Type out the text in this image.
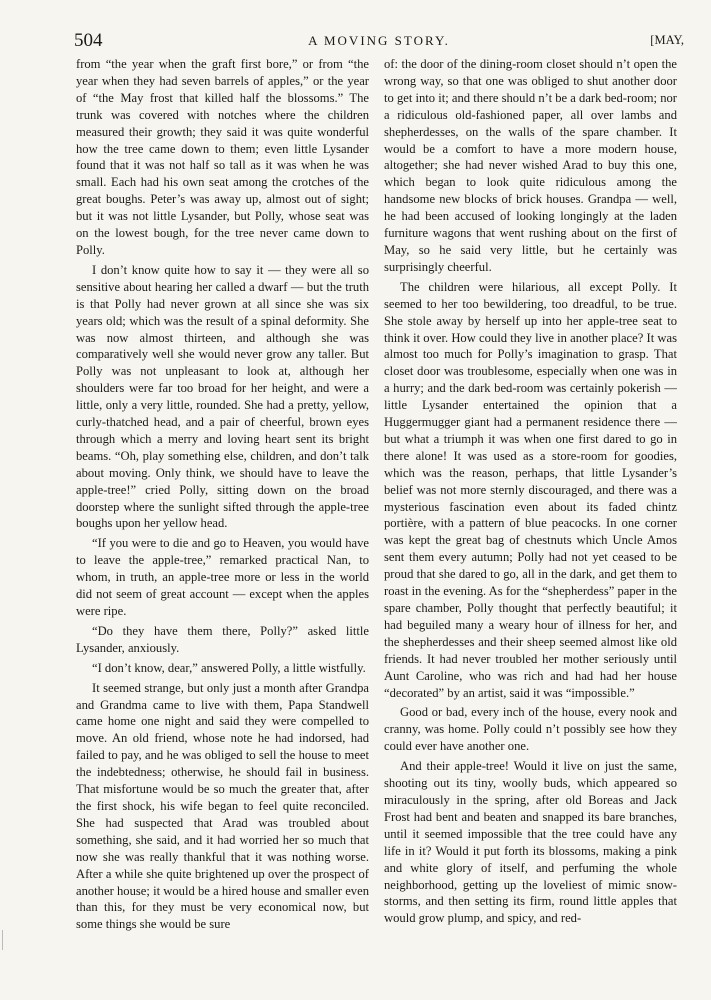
504	A MOVING STORY.	[MAY,

from “the year when the graft first bore,” or from “the year when they had seven barrels of apples,” or the year of “the May frost that killed half the blossoms.” The trunk was covered with notches where the children measured their growth; they said it was quite wonderful how the tree came down to them; even little Lysander found that it was not half so tall as it was when he was small. Each had his own seat among the crotches of the great boughs. Peter’s was away up, almost out of sight; but it was not little Lysander, but Polly, whose seat was on the lowest bough, for the tree never came down to Polly.

I don’t know quite how to say it — they were all so sensitive about hearing her called a dwarf — but the truth is that Polly had never grown at all since she was six years old; which was the result of a spinal deformity. She was now almost thirteen, and although she was comparatively well she would never grow any taller. But Polly was not unpleasant to look at, although her shoulders were far too broad for her height, and were a little, only a very little, rounded. She had a pretty, yellow, curly-thatched head, and a pair of cheerful, brown eyes through which a merry and loving heart sent its bright beams. “Oh, play something else, children, and don’t talk about moving. Only think, we should have to leave the apple-tree!” cried Polly, sitting down on the broad doorstep where the sunlight sifted through the apple-tree boughs upon her yellow head.

“If you were to die and go to Heaven, you would have to leave the apple-tree,” remarked practical Nan, to whom, in truth, an apple-tree more or less in the world did not seem of great account — except when the apples were ripe.

“Do they have them there, Polly?” asked little Lysander, anxiously.

“I don’t know, dear,” answered Polly, a little wistfully.

It seemed strange, but only just a month after Grandpa and Grandma came to live with them, Papa Standwell came home one night and said they were compelled to move. An old friend, whose note he had indorsed, had failed to pay, and he was obliged to sell the house to meet the indebtedness; otherwise, he should fail in business. That misfortune would be so much the greater that, after the first shock, his wife began to feel quite reconciled. She had suspected that Arad was troubled about something, she said, and it had worried her so much that now she was really thankful that it was nothing worse. After a while she quite brightened up over the prospect of another house; it would be a hired house and smaller even than this, for they must be very economical now, but some things she would be sure

of: the door of the dining-room closet should n’t open the wrong way, so that one was obliged to shut another door to get into it; and there should n’t be a dark bed-room; nor a ridiculous old-fashioned paper, all over lambs and shepherdesses, on the walls of the spare chamber. It would be a comfort to have a more modern house, altogether; she had never wished Arad to buy this one, which began to look quite ridiculous among the handsome new blocks of brick houses. Grandpa — well, he had been accused of looking longingly at the laden furniture wagons that went rushing about on the first of May, so he said very little, but he certainly was surprisingly cheerful.

The children were hilarious, all except Polly. It seemed to her too bewildering, too dreadful, to be true. She stole away by herself up into her apple-tree seat to think it over. How could they live in another place? It was almost too much for Polly’s imagination to grasp. That closet door was troublesome, especially when one was in a hurry; and the dark bed-room was certainly pokerish — little Lysander entertained the opinion that a Huggermugger giant had a permanent residence there — but what a triumph it was when one first dared to go in there alone! It was used as a store-room for goodies, which was the reason, perhaps, that little Lysander’s belief was not more sternly discouraged, and there was a mysterious fascination even about its faded chintz portière, with a pattern of blue peacocks. In one corner was kept the great bag of chestnuts which Uncle Amos sent them every autumn; Polly had not yet ceased to be proud that she dared to go, all in the dark, and get them to roast in the evening. As for the “shepherdess” paper in the spare chamber, Polly thought that perfectly beautiful; it had beguiled many a weary hour of illness for her, and the shepherdesses and their sheep seemed almost like old friends. It had never troubled her mother seriously until Aunt Caroline, who was rich and had had her house “decorated” by an artist, said it was “impossible.”

Good or bad, every inch of the house, every nook and cranny, was home. Polly could n’t possibly see how they could ever have another one.

And their apple-tree! Would it live on just the same, shooting out its tiny, woolly buds, which appeared so miraculously in the spring, after old Boreas and Jack Frost had bent and beaten and snapped its bare branches, until it seemed impossible that the tree could have any life in it? Would it put forth its blossoms, making a pink and white glory of itself, and perfuming the whole neighborhood, getting up the loveliest of mimic snow-storms, and then setting its firm, round little apples that would grow plump, and spicy, and red-
